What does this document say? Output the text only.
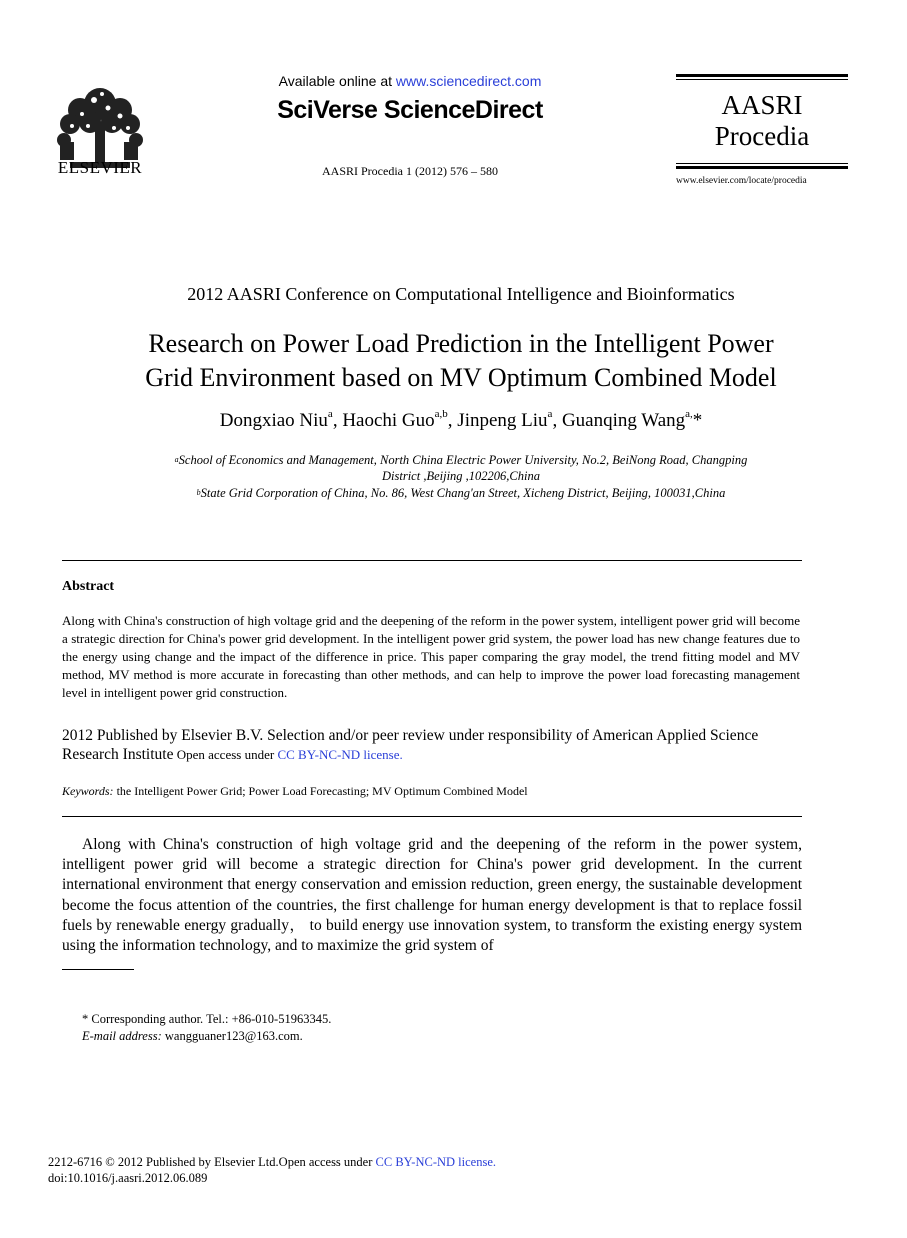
ELSEVIER
Available online at www.sciencedirect.com
SciVerse ScienceDirect
AASRI Procedia 1 (2012) 576 – 580
AASRI
Procedia
www.elsevier.com/locate/procedia
2012 AASRI Conference on Computational Intelligence and Bioinformatics
Research on Power Load Prediction in the Intelligent Power
Grid Environment based on MV Optimum Combined Model
Dongxiao Niu$^a$, Haochi Guo$^{a,b}$, Jinpeng Liu$^a$, Guanqing Wang$^{a,}$*
$^a$School of Economics and Management, North China Electric Power University, No.2, BeiNong Road, Changping
District ,Beijing ,102206,China
$^b$State Grid Corporation of China, No. 86, West Chang'an Street, Xicheng District, Beijing, 100031,China
Abstract
Along with China's construction of high voltage grid and the deepening of the reform in the power system, intelligent power grid will become a strategic direction for China's power grid development. In the intelligent power grid system, the power load has new change features due to the energy using change and the impact of the difference in price. This paper comparing the gray model, the trend fitting model and MV method, MV method is more accurate in forecasting than other methods, and can help to improve the power load forecasting management level in intelligent power grid construction.
2012 Published by Elsevier B.V. Selection and/or peer review under responsibility of American Applied Science Research Institute Open access under CC BY-NC-ND license.
Keywords: the Intelligent Power Grid; Power Load Forecasting; MV Optimum Combined Model
Along with China's construction of high voltage grid and the deepening of the reform in the power system, intelligent power grid will become a strategic direction for China's power grid development. In the current international environment that energy conservation and emission reduction, green energy, the sustainable development become the focus attention of the countries, the first challenge for human energy development is that to replace fossil fuels by renewable energy gradually， to build energy use innovation system, to transform the existing energy system using the information technology, and to maximize the grid system of
* Corresponding author. Tel.: +86-010-51963345.
E-mail address: wangguaner123@163.com.
2212-6716 © 2012 Published by Elsevier Ltd.Open access under CC BY-NC-ND license.
doi:10.1016/j.aasri.2012.06.089
